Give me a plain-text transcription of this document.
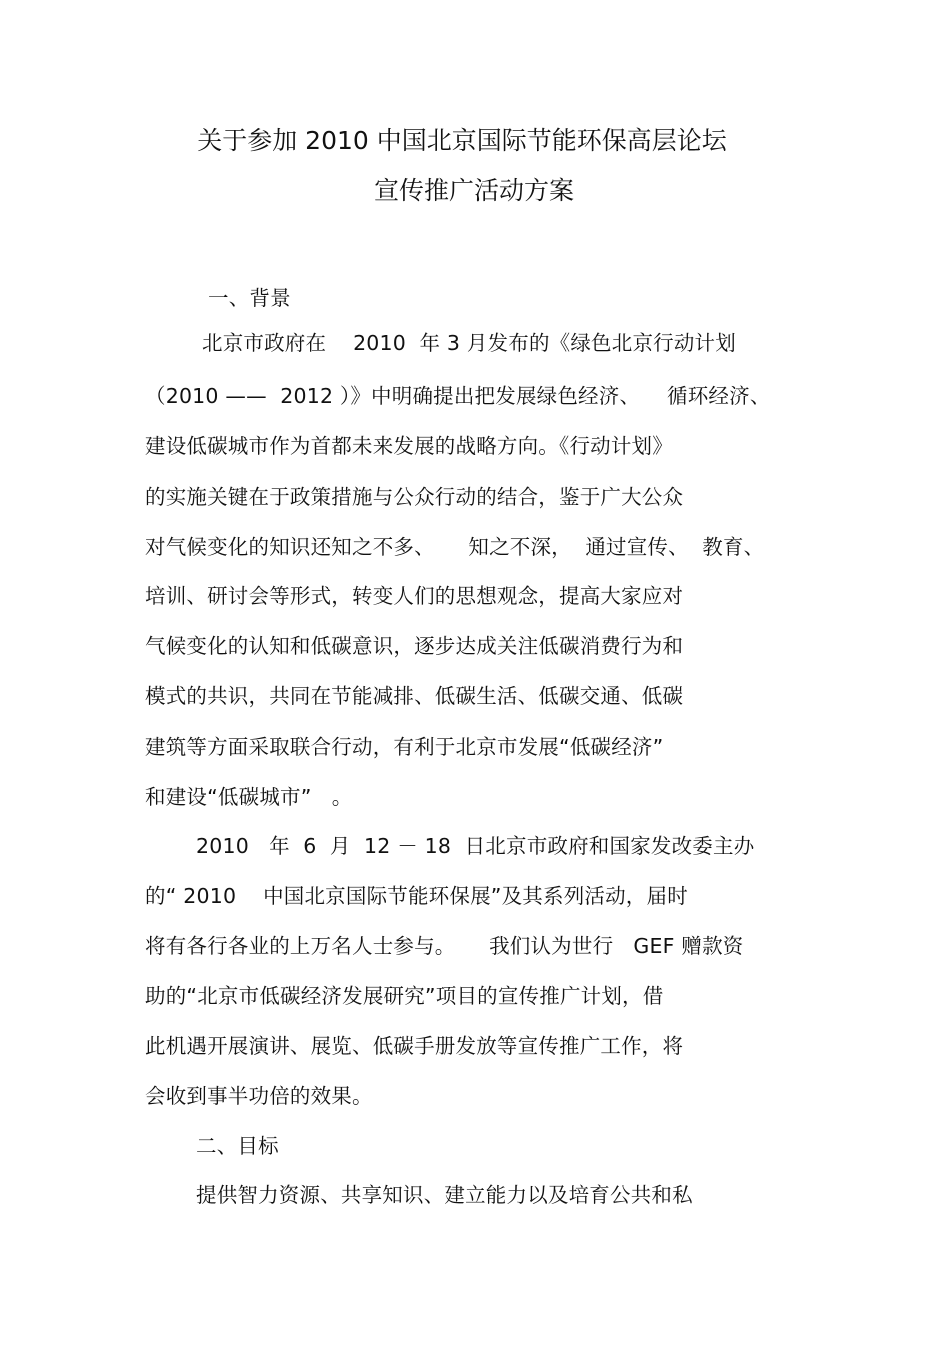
关于参加 2010 中国北京国际节能环保高层论坛
宣传推广活动方案
一、背景
北京市政府在    2010  年 3 月发布的《绿色北京行动计划
（2010 ——  2012 ）》中明确提出把发展绿色经济、    循环经济、
建设低碳城市作为首都未来发展的战略方向。《行动计划》
的实施关键在于政策措施与公众行动的结合，鉴于广大公众
对气候变化的知识还知之不多、     知之不深，  通过宣传、  教育、
培训、研讨会等形式，转变人们的思想观念，提高大家应对
气候变化的认知和低碳意识，逐步达成关注低碳消费行为和
模式的共识，共同在节能减排、低碳生活、低碳交通、低碳
建筑等方面采取联合行动，有利于北京市发展“低碳经济”
和建设“低碳城市”   。
2010   年  6  月  12 － 18  日北京市政府和国家发改委主办
的“ 2010    中国北京国际节能环保展”及其系列活动，届时
将有各行各业的上万名人士参与。     我们认为世行   GEF 赠款资
助的“北京市低碳经济发展研究”项目的宣传推广计划，借
此机遇开展演讲、展览、低碳手册发放等宣传推广工作，将
会收到事半功倍的效果。
二、目标
提供智力资源、共享知识、建立能力以及培育公共和私
